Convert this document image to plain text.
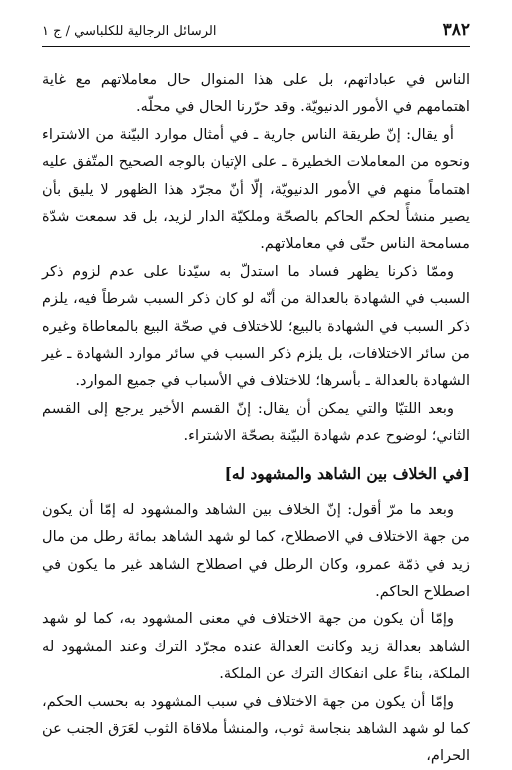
٣٨٢
الرسائل الرجالية للكلباسي / ج ١

الناس في عباداتهم، بل على هذا المنوال حال معاملاتهم مع غاية اهتمامهم في الأمور الدنيويّة. وقد حرّرنا الحال في محلّه.

أو يقال: إنّ طريقة الناس جارية ـ في أمثال موارد البيّنة من الاشتراء ونحوه من المعاملات الخطيرة ـ على الإتيان بالوجه الصحيح المتّفق عليه اهتماماً منهم في الأمور الدنيويّة، إلّا أنّ مجرّد هذا الظهور لا يليق بأن يصير منشأً لحكم الحاكم بالصحّة وملكيّة الدار لزيد، بل قد سمعت شدّة مسامحة الناس حتّى في معاملاتهم.

وممّا ذكرنا يظهر فساد ما استدلّ به سيّدنا على عدم لزوم ذكر السبب في الشهادة بالعدالة من أنّه لو كان ذكر السبب شرطاً فيه، يلزم ذكر السبب في الشهادة بالبيع؛ للاختلاف في صحّة البيع بالمعاطاة وغيره من سائر الاختلافات، بل يلزم ذكر السبب في سائر موارد الشهادة ـ غير الشهادة بالعدالة ـ بأسرها؛ للاختلاف في الأسباب في جميع الموارد.

وبعد اللتيّا والتي يمكن أن يقال: إنّ القسم الأخير يرجع إلى القسم الثاني؛ لوضوح عدم شهادة البيّنة بصحّة الاشتراء.

[في الخلاف بين الشاهد والمشهود له]

وبعد ما مرّ أقول: إنّ الخلاف بين الشاهد والمشهود له إمّا أن يكون من جهة الاختلاف في الاصطلاح، كما لو شهد الشاهد بمائة رطل من مال زيد في ذمّة عمرو، وكان الرطل في اصطلاح الشاهد غير ما يكون في اصطلاح الحاكم.

وإمّا أن يكون من جهة الاختلاف في معنى المشهود به، كما لو شهد الشاهد بعدالة زيد وكانت العدالة عنده مجرّد الترك وعند المشهود له الملكة، بناءً على انفكاك الترك عن الملكة.

وإمّا أن يكون من جهة الاختلاف في سبب المشهود به بحسب الحكم، كما لو شهد الشاهد بنجاسة ثوب، والمنشأ ملاقاة الثوب لعَرَق الجنب عن الحرام،
